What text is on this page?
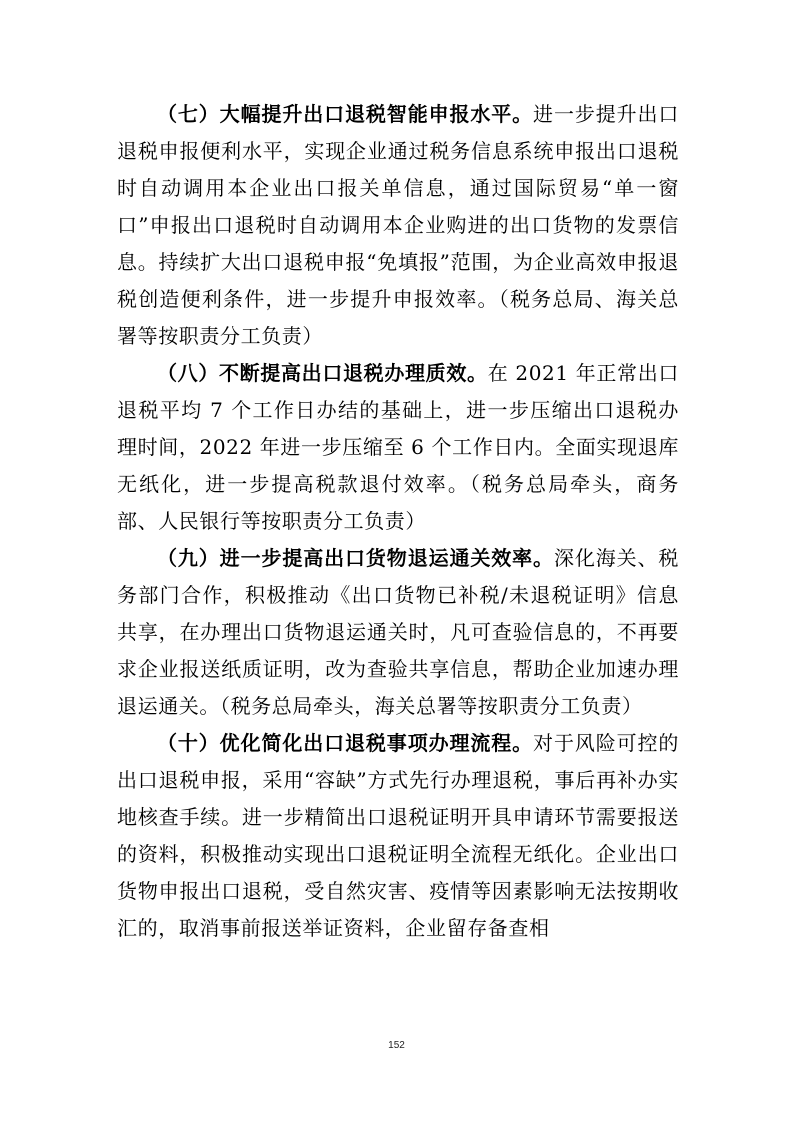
（七）大幅提升出口退税智能申报水平。进一步提升出口退税申报便利水平，实现企业通过税务信息系统申报出口退税时自动调用本企业出口报关单信息，通过国际贸易“单一窗口”申报出口退税时自动调用本企业购进的出口货物的发票信息。持续扩大出口退税申报“免填报”范围，为企业高效申报退税创造便利条件，进一步提升申报效率。（税务总局、海关总署等按职责分工负责）

（八）不断提高出口退税办理质效。在 2021 年正常出口退税平均 7 个工作日办结的基础上，进一步压缩出口退税办理时间，2022 年进一步压缩至 6 个工作日内。全面实现退库无纸化，进一步提高税款退付效率。（税务总局牵头，商务部、人民银行等按职责分工负责）

（九）进一步提高出口货物退运通关效率。深化海关、税务部门合作，积极推动《出口货物已补税/未退税证明》信息共享，在办理出口货物退运通关时，凡可查验信息的，不再要求企业报送纸质证明，改为查验共享信息，帮助企业加速办理退运通关。（税务总局牵头，海关总署等按职责分工负责）

（十）优化简化出口退税事项办理流程。对于风险可控的出口退税申报，采用“容缺”方式先行办理退税，事后再补办实地核查手续。进一步精简出口退税证明开具申请环节需要报送的资料，积极推动实现出口退税证明全流程无纸化。企业出口货物申报出口退税，受自然灾害、疫情等因素影响无法按期收汇的，取消事前报送举证资料，企业留存备查相

152
